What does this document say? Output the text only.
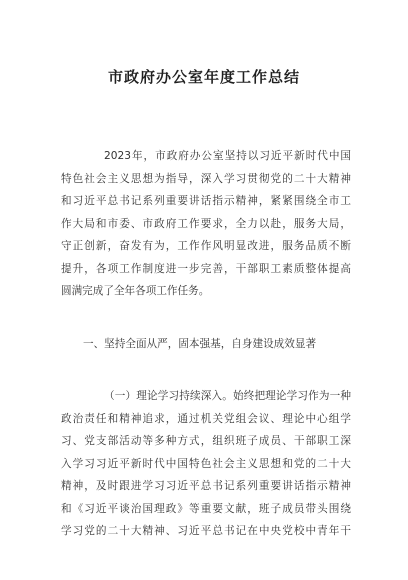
市政府办公室年度工作总结
2023年，市政府办公室坚持以习近平新时代中国
特色社会主义思想为指导，深入学习贯彻党的二十大精神
和习近平总书记系列重要讲话指示精神，紧紧围绕全市工
作大局和市委、市政府工作要求，全力以赴，服务大局，
守正创新，奋发有为，工作作风明显改进，服务品质不断
提升，各项工作制度进一步完善，干部职工素质整体提高
圆满完成了全年各项工作任务。
一、坚持全面从严，固本强基，自身建设成效显著
（一）理论学习持续深入。始终把理论学习作为一种
政治责任和精神追求，通过机关党组会议、理论中心组学
习、党支部活动等多种方式，组织班子成员、干部职工深
入学习习近平新时代中国特色社会主义思想和党的二十大
精神，及时跟进学习习近平总书记系列重要讲话指示精神
和《习近平谈治国理政》等重要文献，班子成员带头围绕
学习党的二十大精神、习近平总书记在中央党校中青年干
